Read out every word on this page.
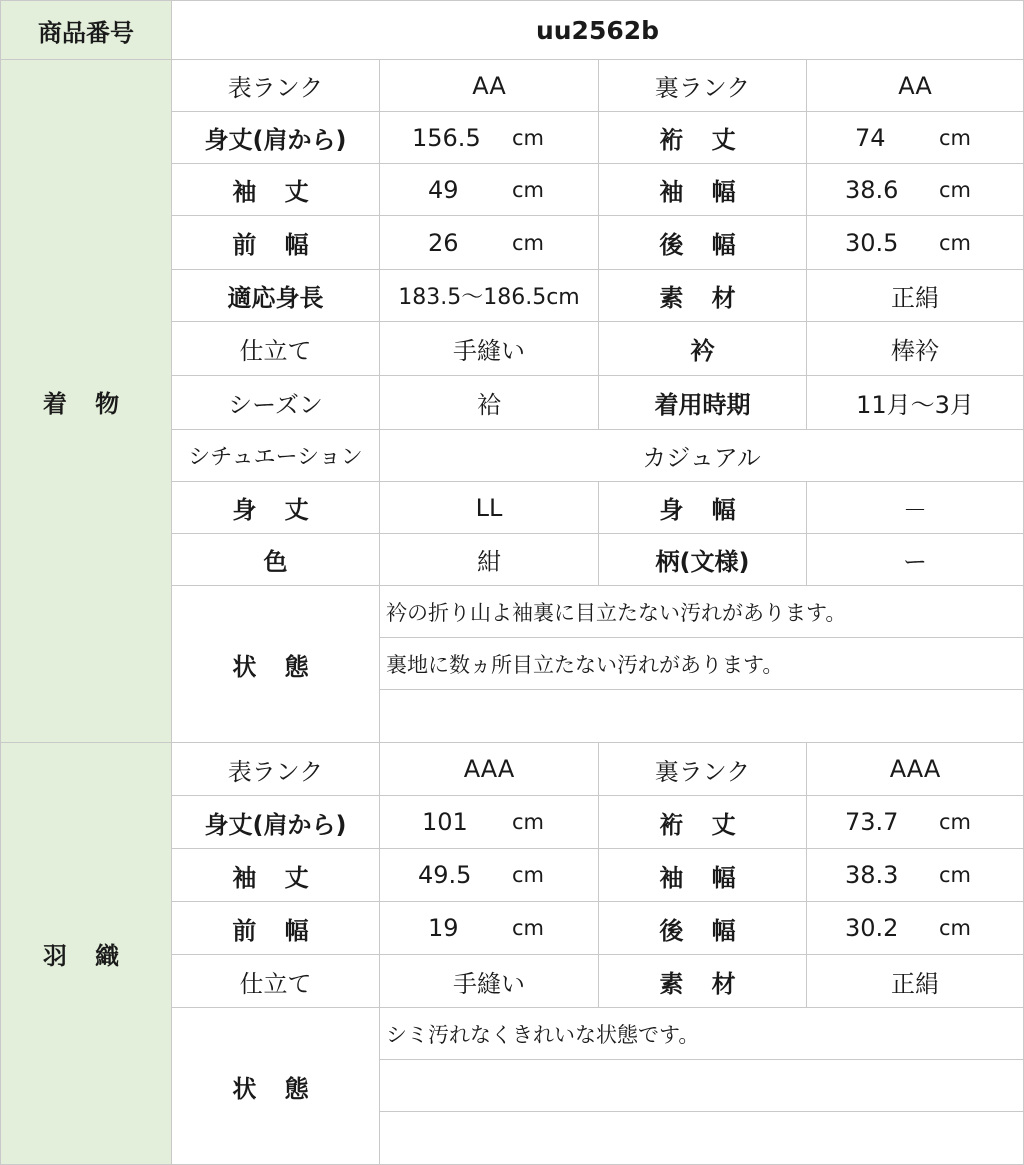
商品番号	uu2562b
着 物
表ランク	AA	裏ランク	AA
身丈(肩から)	156.5	cm	裄 丈	74	cm
袖 丈	49	cm	袖 幅	38.6	cm
前 幅	26	cm	後 幅	30.5	cm
適応身長	183.5～186.5cm	素 材	正絹
仕立て	手縫い	衿	棒衿
シーズン	袷	着用時期	11月～3月
シチュエーション	カジュアル
身 丈	LL	身 幅	－
色	紺	柄(文様)	ー
状 態
衿の折り山よ袖裏に目立たない汚れがあります。
裏地に数ヵ所目立たない汚れがあります。
羽 織
表ランク	AAA	裏ランク	AAA
身丈(肩から)	101	cm	裄 丈	73.7	cm
袖 丈	49.5	cm	袖 幅	38.3	cm
前 幅	19	cm	後 幅	30.2	cm
仕立て	手縫い	素 材	正絹
状 態
シミ汚れなくきれいな状態です。
